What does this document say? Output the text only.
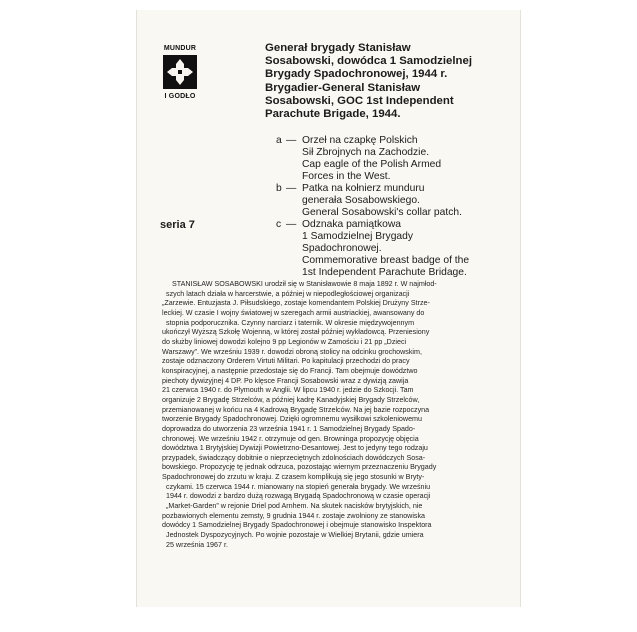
MUNDUR
I GODŁO
Generał brygady Stanisław
Sosabowski, dowódca 1 Samodzielnej
Brygady Spadochronowej, 1944 r.
Brygadier-General Stanisław
Sosabowski, GOC 1st Independent
Parachute Brigade, 1944.
seria 7
a — Orzeł na czapkę Polskich
Sił Zbrojnych na Zachodzie.
Cap eagle of the Polish Armed
Forces in the West.
b — Patka na kołnierz munduru
generała Sosabowskiego.
General Sosabowski's collar patch.
c — Odznaka pamiątkowa
1 Samodzielnej Brygady
Spadochronowej.
Commemorative breast badge of the
1st Independent Parachute Bridage.
STANISŁAW SOSABOWSKI urodził się w Stanisławowie 8 maja 1892 r. W najmłod-
szych latach działa w harcerstwie, a później w niepodległościowej organizacji
„Zarzewie. Entuzjasta J. Piłsudskiego, zostaje komendantem Polskiej Drużyny Strze-
leckiej. W czasie I wojny światowej w szeregach armii austriackiej, awansowany do
stopnia podporucznika. Czynny narciarz i taternik. W okresie międzywojennym
ukończył Wyższą Szkołę Wojenną, w której został później wykładowcą. Przeniesiony
do służby liniowej dowodzi kolejno 9 pp Legionów w Zamościu i 21 pp „Dzieci
Warszawy”. We wrześniu 1939 r. dowodzi obroną stolicy na odcinku grochowskim,
zostaje odznaczony Orderem Virtuti Militari. Po kapitulacji przechodzi do pracy
konspiracyjnej, a następnie przedostaje się do Francji. Tam obejmuje dowództwo
piechoty dywizyjnej 4 DP. Po klęsce Francji Sosabowski wraz z dywizją zawija
21 czerwca 1940 r. do Plymouth w Anglii. W lipcu 1940 r. jedzie do Szkocji. Tam
organizuje 2 Brygadę Strzelców, a później kadrę Kanadyjskiej Brygady Strzelców,
przemianowanej w końcu na 4 Kadrową Brygadę Strzelców. Na jej bazie rozpoczyna
tworzenie Brygady Spadochronowej. Dzięki ogromnemu wysiłkowi szkoleniowemu
doprowadza do utworzenia 23 września 1941 r. 1 Samodzielnej Brygady Spado-
chronowej. We wrześniu 1942 r. otrzymuje od gen. Browninga propozycję objęcia
dowództwa 1 Brytyjskiej Dywizji Powietrzno-Desantowej. Jest to jedyny tego rodzaju
przypadek, świadczący dobitnie o nieprzeciętnych zdolnościach dowódczych Sosa-
bowskiego. Propozycję tę jednak odrzuca, pozostając wiernym przeznaczeniu Brygady
Spadochronowej do zrzutu w kraju. Z czasem komplikują się jego stosunki w Bryty-
czykami. 15 czerwca 1944 r. mianowany na stopień generała brygady. We wrześniu
1944 r. dowodzi z bardzo dużą rozwagą Brygadą Spadochronową w czasie operacji
„Market-Garden” w rejonie Driel pod Arnhem. Na skutek nacisków brytyjskich, nie
pozbawionych elementu zemsty, 9 grudnia 1944 r. zostaje zwolniony ze stanowiska
dowódcy 1 Samodzielnej Brygady Spadochronowej i obejmuje stanowisko Inspektora
Jednostek Dyspozycyjnych. Po wojnie pozostaje w Wielkiej Brytanii, gdzie umiera
25 września 1967 r.
